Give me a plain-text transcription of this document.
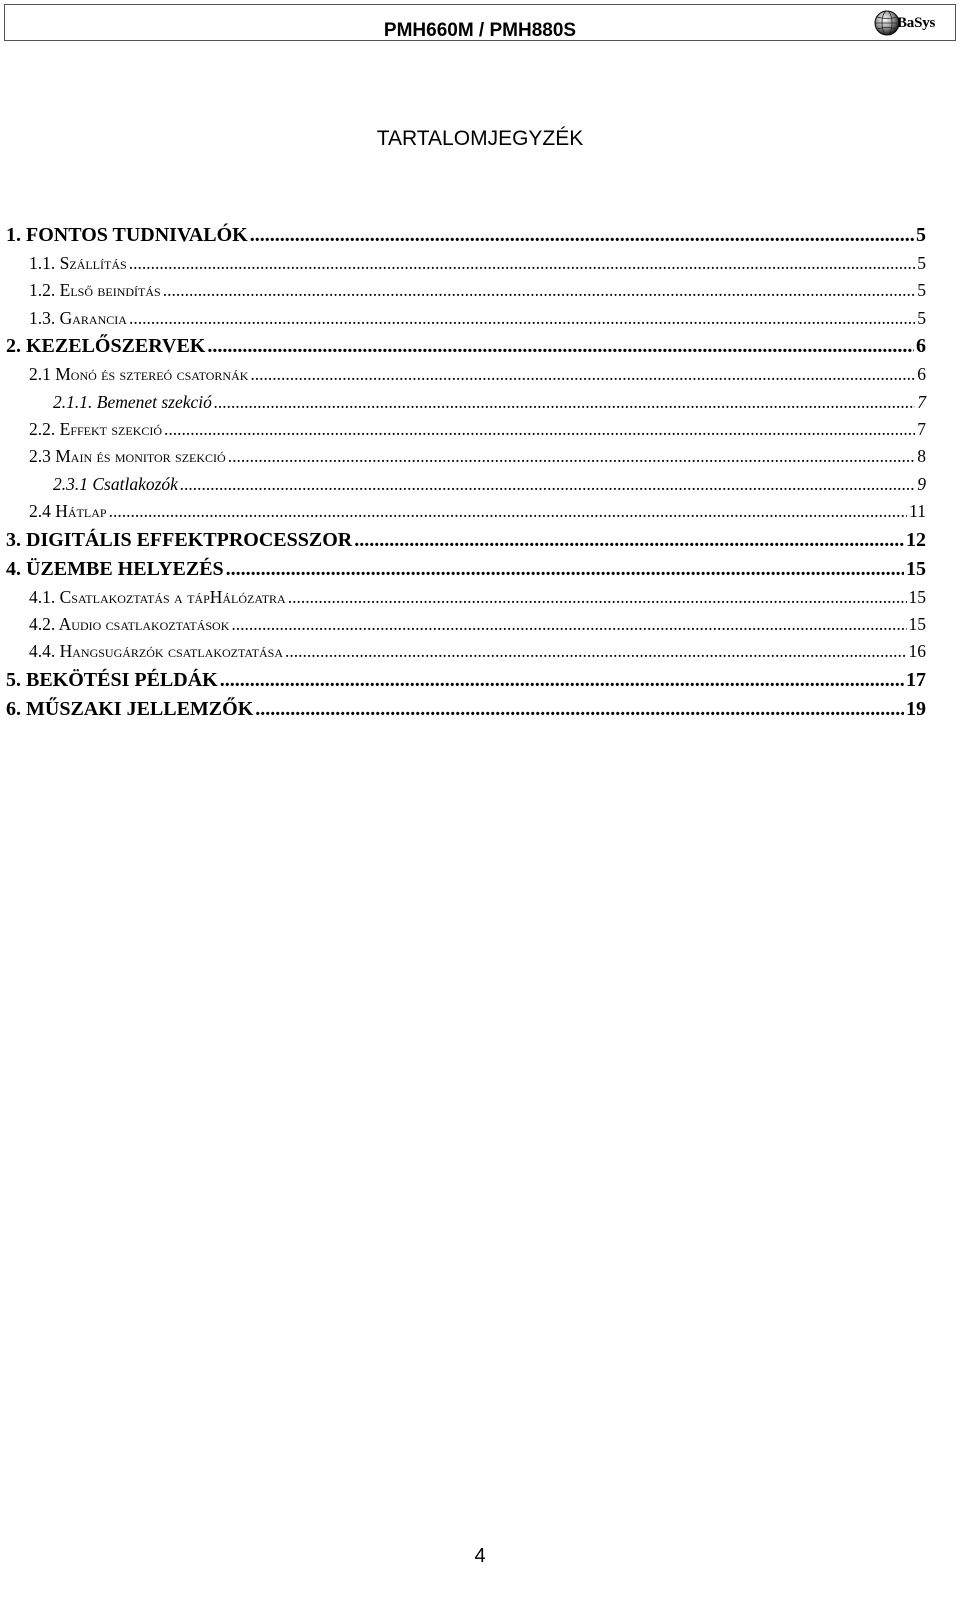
PMH660M / PMH880S	BaSys
TARTALOMJEGYZÉK
1. FONTOS TUDNIVALÓK .....	5
1.1. Szállítás .....	5
1.2. Első beindítás .....	5
1.3. Garancia .....	5
2. KEZELŐSZERVEK .....	6
2.1 Monó és sztereó csatornák .....	6
2.1.1. Bemenet szekció .....	7
2.2. Effekt szekció .....	7
2.3 Main és monitor szekció .....	8
2.3.1 Csatlakozók .....	9
2.4 Hátlap .....	11
3. DIGITÁLIS EFFEKTPROCESSZOR .....	12
4. ÜZEMBE HELYEZÉS .....	15
4.1. Csatlakoztatás a tápHálózatra .....	15
4.2. Audio csatlakoztatások .....	15
4.4. Hangsugárzók csatlakoztatása .....	16
5. BEKÖTÉSI PÉLDÁK .....	17
6. MŰSZAKI JELLEMZŐK .....	19
4
